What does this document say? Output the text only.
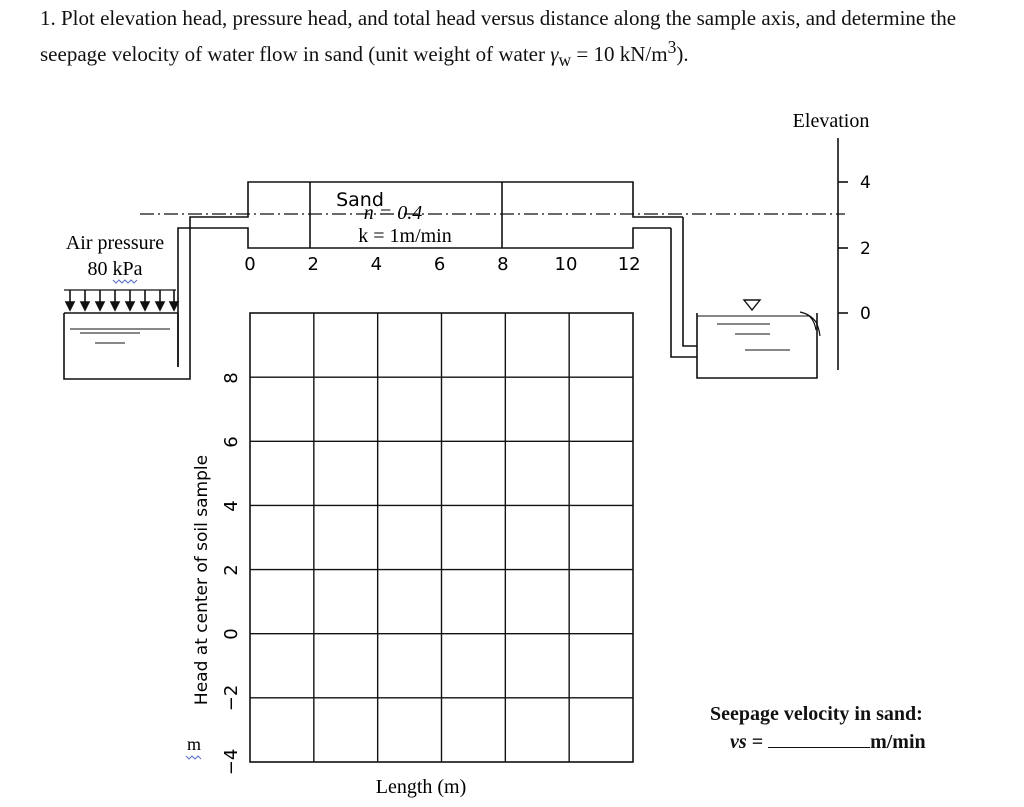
1. Plot elevation head, pressure head, and total head versus distance along the sample axis, and determine the seepage velocity of water flow in sand (unit weight of water $\gamma_w = 10$ $kN/m^3$).
Air pressure
80 kPa
Sand
n = 0.4
k = 1m/min
0	2	4	6	8	10 12
Elevation
4
2
0
8
6
4
2
0
−2
−4
Head at center of soil sample
m
Length (m)
Seepage velocity in sand:
vs =	m/min
